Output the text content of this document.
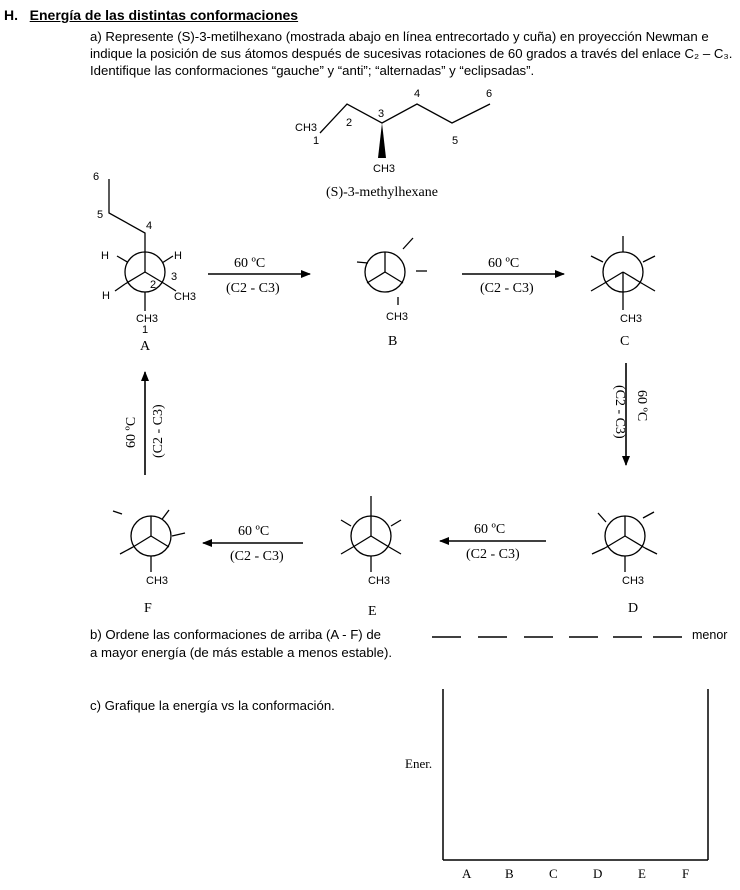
H. Energía de las distintas conformaciones

a) Represente (S)-3-metilhexano (mostrada abajo en línea entrecortado y cuña) en proyección Newman e

indique la posición de sus átomos después de sucesivas rotaciones de 60 grados a través del enlace C₂ – C₃.

Identifique las conformaciones “gauche” y “anti”; “alternadas” y “eclipsadas”.

CH3
1
2
3
4
5
6
CH3
(S)-3-methylhexane
6
5
4
H	H
H
2
3
CH3
CH3
1
A
CH3
B
CH3
C
CH3
D
CH3
E
CH3
F
60 ºC
(C2 - C3)
60 ºC
(C2 - C3)
(C2 - C3) 60 ºC
60 ºC
(C2 - C3)
60 ºC
(C2 - C3)
60 ºC (C2 - C3)
menor
Ener.
A	B	C	D	E	F
b) Ordene las conformaciones de arriba (A - F) de
a mayor energía (de más estable a menos estable).
c) Grafique la energía vs la conformación.
